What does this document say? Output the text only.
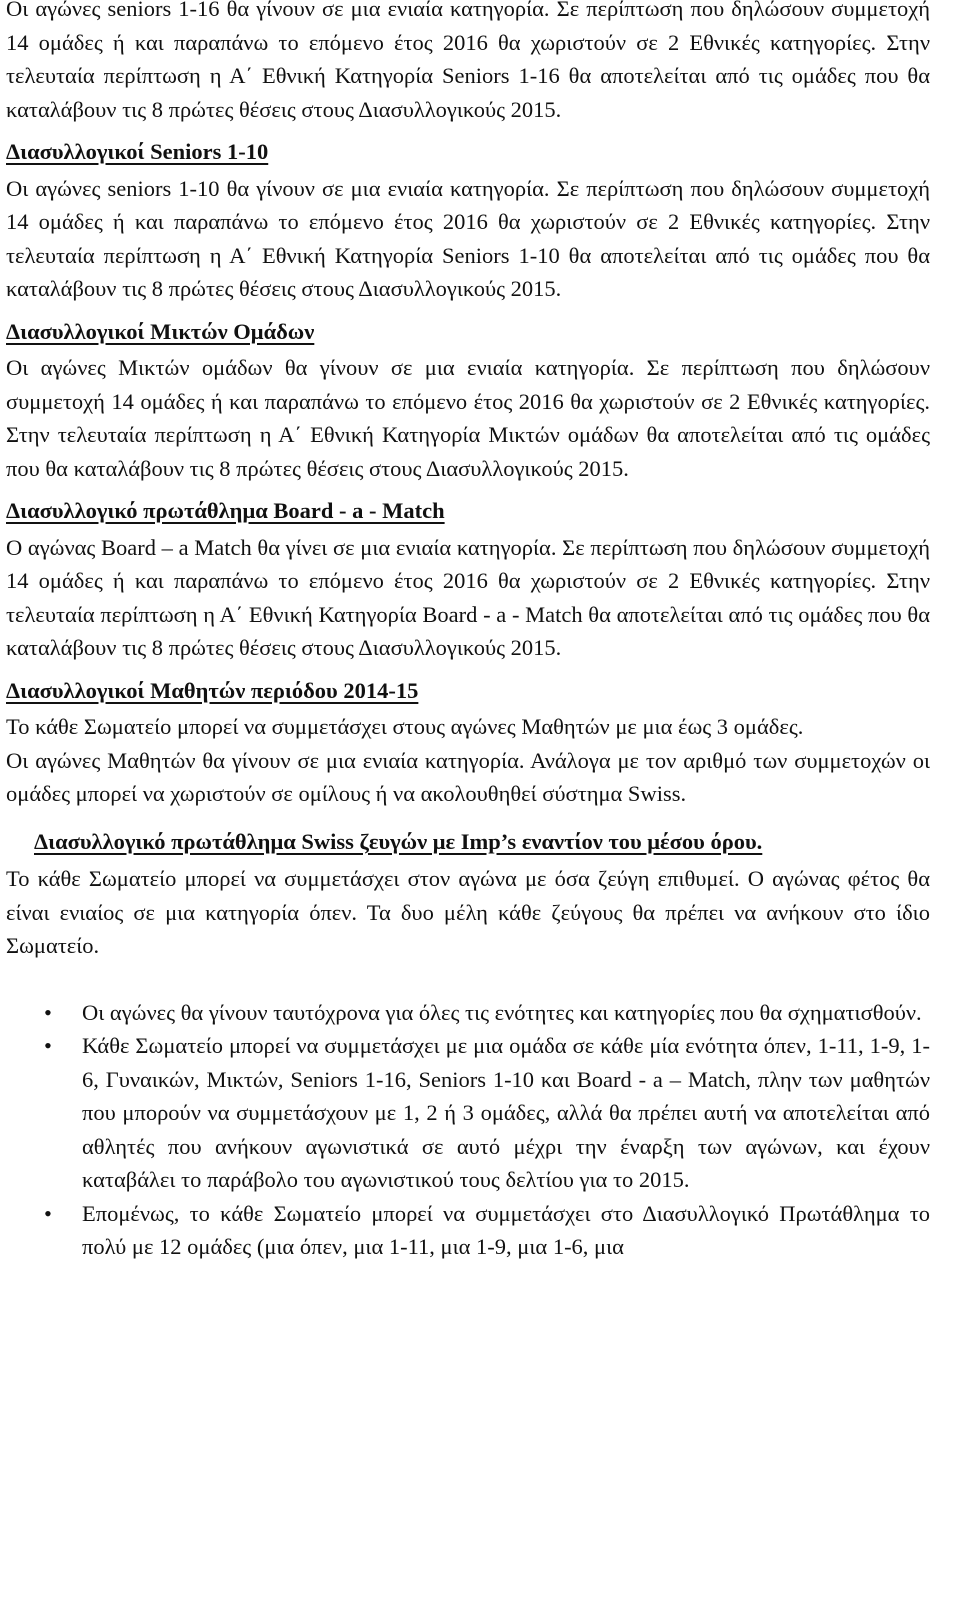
Οι αγώνες seniors 1-16 θα γίνουν σε μια ενιαία κατηγορία. Σε περίπτωση που δηλώσουν συμμετοχή 14 ομάδες ή και παραπάνω το επόμενο έτος 2016 θα χωριστούν σε 2 Εθνικές κατηγορίες. Στην τελευταία περίπτωση η Α΄ Εθνική Κατηγορία Seniors 1-16 θα αποτελείται από τις ομάδες που θα καταλάβουν τις 8 πρώτες θέσεις στους Διασυλλογικούς 2015.

Διασυλλογικοί Seniors 1-10

Οι αγώνες seniors 1-10 θα γίνουν σε μια ενιαία κατηγορία. Σε περίπτωση που δηλώσουν συμμετοχή 14 ομάδες ή και παραπάνω το επόμενο έτος 2016 θα χωριστούν σε 2 Εθνικές κατηγορίες. Στην τελευταία περίπτωση η Α΄ Εθνική Κατηγορία Seniors 1-10 θα αποτελείται από τις ομάδες που θα καταλάβουν τις 8 πρώτες θέσεις στους Διασυλλογικούς 2015.

Διασυλλογικοί Μικτών Ομάδων

Οι αγώνες Μικτών ομάδων θα γίνουν σε μια ενιαία κατηγορία. Σε περίπτωση που δηλώσουν συμμετοχή 14 ομάδες ή και παραπάνω το επόμενο έτος 2016 θα χωριστούν σε 2 Εθνικές κατηγορίες. Στην τελευταία περίπτωση η Α΄ Εθνική Κατηγορία Μικτών ομάδων θα αποτελείται από τις ομάδες που θα καταλάβουν τις 8 πρώτες θέσεις στους Διασυλλογικούς 2015.

Διασυλλογικό πρωτάθλημα Board - a - Match

Ο αγώνας Board – a Match θα γίνει σε μια ενιαία κατηγορία. Σε περίπτωση που δηλώσουν συμμετοχή 14 ομάδες ή και παραπάνω το επόμενο έτος 2016 θα χωριστούν σε 2 Εθνικές κατηγορίες. Στην τελευταία περίπτωση η Α΄ Εθνική Κατηγορία Board - a - Match θα αποτελείται από τις ομάδες που θα καταλάβουν τις 8 πρώτες θέσεις στους Διασυλλογικούς 2015.

Διασυλλογικοί Μαθητών περιόδου 2014-15

Το κάθε Σωματείο μπορεί να συμμετάσχει στους αγώνες Μαθητών με μια έως 3 ομάδες.

Οι αγώνες Μαθητών θα γίνουν σε μια ενιαία κατηγορία. Ανάλογα με τον αριθμό των συμμετοχών οι ομάδες μπορεί να χωριστούν σε ομίλους ή να ακολουθηθεί σύστημα Swiss.

Διασυλλογικό πρωτάθλημα Swiss ζευγών με Imp’s εναντίον του μέσου όρου.

Το κάθε Σωματείο μπορεί να συμμετάσχει στον αγώνα με όσα ζεύγη επιθυμεί. Ο αγώνας φέτος θα είναι ενιαίος σε μια κατηγορία όπεν. Τα δυο μέλη κάθε ζεύγους θα πρέπει να ανήκουν στο ίδιο Σωματείο.

• Οι αγώνες θα γίνουν ταυτόχρονα για όλες τις ενότητες και κατηγορίες που θα σχηματισθούν.
• Κάθε Σωματείο μπορεί να συμμετάσχει με μια ομάδα σε κάθε μία ενότητα όπεν, 1-11, 1-9, 1-6, Γυναικών, Μικτών, Seniors 1-16, Seniors 1-10 και Board - a – Match, πλην των μαθητών που μπορούν να συμμετάσχουν με 1, 2 ή 3 ομάδες, αλλά θα πρέπει αυτή να αποτελείται από αθλητές που ανήκουν αγωνιστικά σε αυτό μέχρι την έναρξη των αγώνων, και έχουν καταβάλει το παράβολο του αγωνιστικού τους δελτίου για το 2015.
• Επομένως, το κάθε Σωματείο μπορεί να συμμετάσχει στο Διασυλλογικό Πρωτάθλημα το πολύ με 12 ομάδες (μια όπεν, μια 1-11, μια 1-9, μια 1-6, μια
